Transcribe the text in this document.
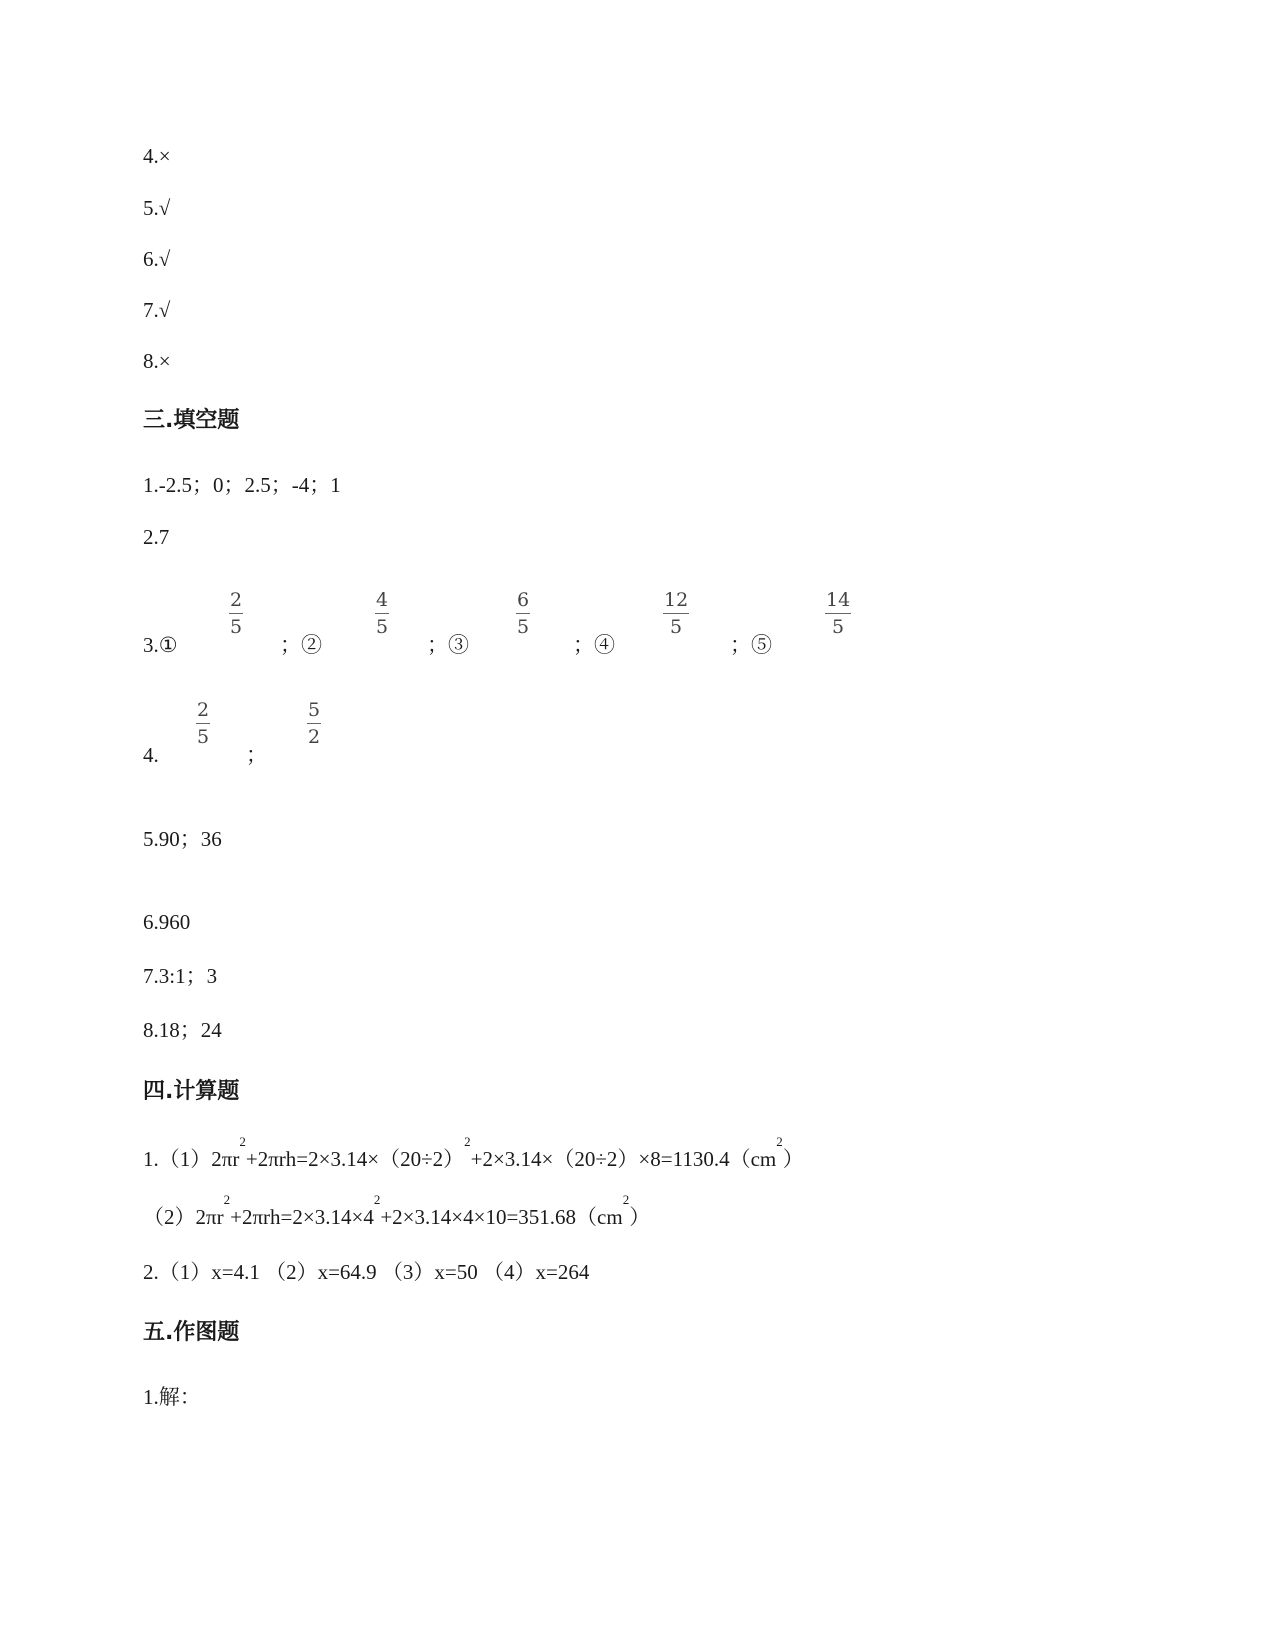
4.×
5.√
6.√
7.√
8.×
三.填空题
1.-2.5；0；2.5；-4；1
2.7
3.①
2
5
；②
4
5
；③
6
5
；④
12
5
；⑤
14
5
4.
2
5
；
5
2
5.90；36
6.960
7.3:1；3
8.18；24
四.计算题
$1.(1)2\pi r^2+2\pi rh=2\times 3.14\times(20\div 2)^2+2\times 3.14\times(20\div 2)\times 8=1130.4(cm^2)$
$(2)2\pi r^2+2\pi rh=2\times 3.14\times 4^2+2\times 3.14\times 4\times 10=351.68(cm^2)$
2.（1）x=4.1 （2）x=64.9 （3）x=50 （4）x=264
五.作图题
1.解：
